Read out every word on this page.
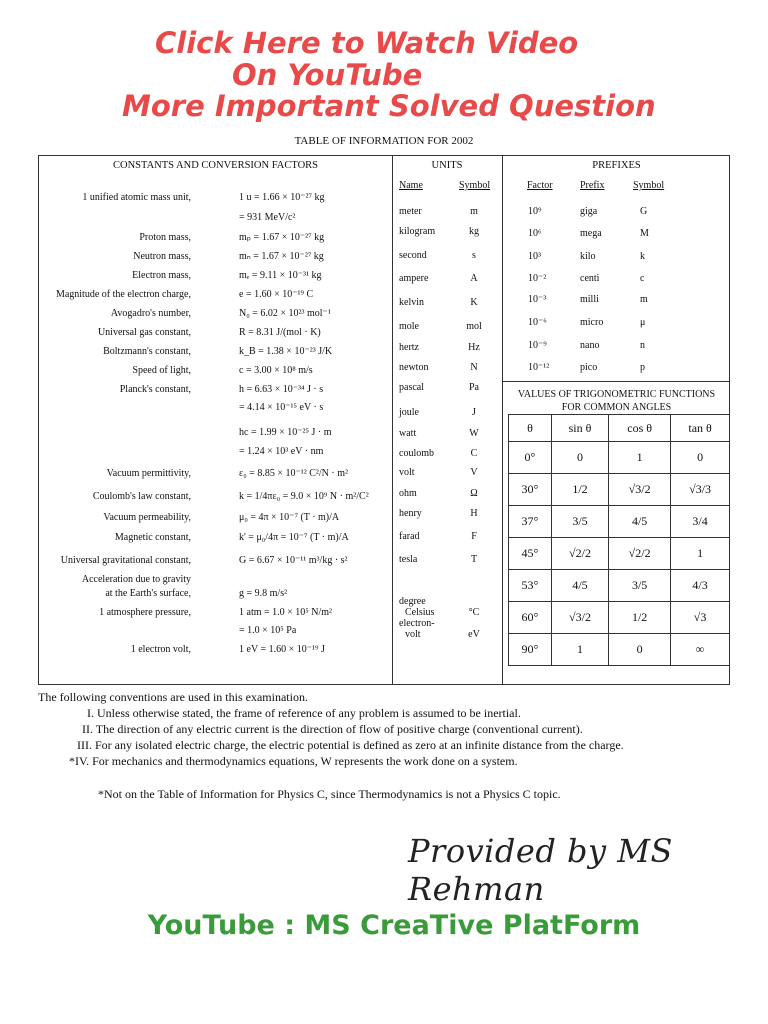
Click Here to Watch Video
On YouTube
More Important Solved Question
TABLE OF INFORMATION FOR 2002
CONSTANTS AND CONVERSION FACTORS	UNITS	PREFIXES
1 unified atomic mass unit,	1 u = 1.66 × 10⁻²⁷ kg
= 931 MeV/c²
Proton mass,	mₚ = 1.67 × 10⁻²⁷ kg
Neutron mass,	mₙ = 1.67 × 10⁻²⁷ kg
Electron mass,	mₑ = 9.11 × 10⁻³¹ kg
Magnitude of the electron charge,	e = 1.60 × 10⁻¹⁹ C
Avogadro's number,	N₀ = 6.02 × 10²³ mol⁻¹
Universal gas constant,	R = 8.31 J/(mol · K)
Boltzmann's constant,	k_B = 1.38 × 10⁻²³ J/K
Speed of light,	c = 3.00 × 10⁸ m/s
Planck's constant,	h = 6.63 × 10⁻³⁴ J · s
= 4.14 × 10⁻¹⁵ eV · s
hc = 1.99 × 10⁻²⁵ J · m
= 1.24 × 10³ eV · nm
Vacuum permittivity,	ε₀ = 8.85 × 10⁻¹² C²/N · m²
Coulomb's law constant,	k = 1/4πε₀ = 9.0 × 10⁹ N · m²/C²
Vacuum permeability,	μ₀ = 4π × 10⁻⁷ (T · m)/A
Magnetic constant,	k' = μ₀/4π = 10⁻⁷ (T · m)/A
Universal gravitational constant,	G = 6.67 × 10⁻¹¹ m³/kg · s²
Acceleration due to gravity
at the Earth's surface,	g = 9.8 m/s²
1 atmosphere pressure,	1 atm = 1.0 × 10⁵ N/m²
= 1.0 × 10⁵ Pa
1 electron volt,	1 eV = 1.60 × 10⁻¹⁹ J
Name	Symbol
meter	m
kilogram	kg
second	s
ampere	A
kelvin	K
mole	mol
hertz	Hz
newton	N
pascal	Pa
joule	J
watt	W
coulomb	C
volt	V
ohm	Ω
henry	H
farad	F
tesla	T
degree
Celsius	°C
electron-
volt	eV
Factor	Prefix	Symbol
10⁹	giga	G
10⁶	mega	M
10³	kilo	k
10⁻²	centi	c
10⁻³	milli	m
10⁻⁶	micro	μ
10⁻⁹	nano	n
10⁻¹²	pico	p
VALUES OF TRIGONOMETRIC FUNCTIONS
FOR COMMON ANGLES
θ	sin θ	cos θ	tan θ
0°	0	1	0
30°	1/2	√3/2	√3/3
37°	3/5	4/5	3/4
45°	√2/2	√2/2	1
53°	4/5	3/5	4/3
60°	√3/2	1/2	√3
90°	1	0	∞
The following conventions are used in this examination.
I. Unless otherwise stated, the frame of reference of any problem is assumed to be inertial.
II. The direction of any electric current is the direction of flow of positive charge (conventional current).
III. For any isolated electric charge, the electric potential is defined as zero at an infinite distance from the charge.
*IV. For mechanics and thermodynamics equations, W represents the work done on a system.
*Not on the Table of Information for Physics C, since Thermodynamics is not a Physics C topic.
Provided by MS Rehman
YouTube : MS CreaTive PlatForm
